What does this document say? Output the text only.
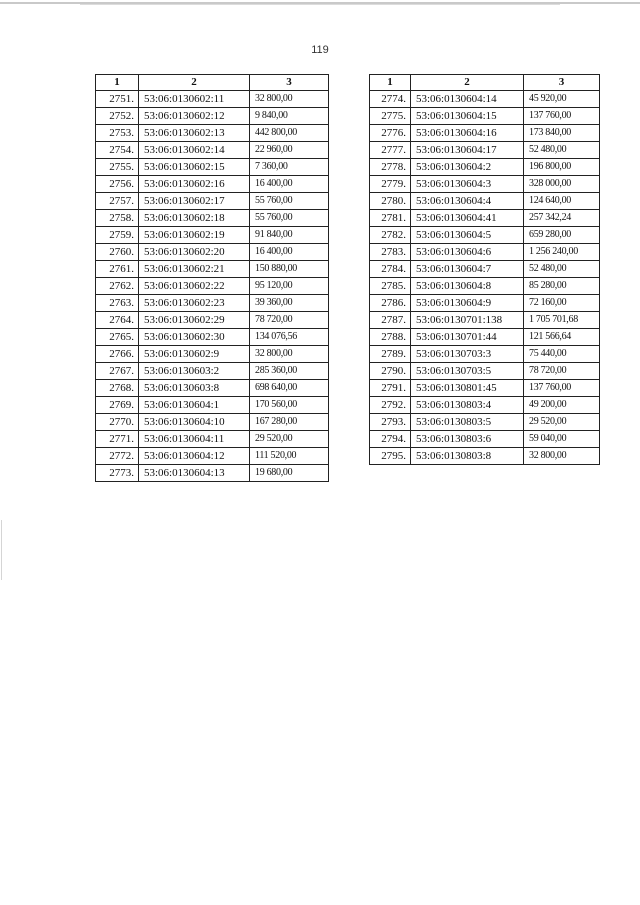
119
1	2	3
2751.	53:06:0130602:11	32 800,00
2752.	53:06:0130602:12	9 840,00
2753.	53:06:0130602:13	442 800,00
2754.	53:06:0130602:14	22 960,00
2755.	53:06:0130602:15	7 360,00
2756.	53:06:0130602:16	16 400,00
2757.	53:06:0130602:17	55 760,00
2758.	53:06:0130602:18	55 760,00
2759.	53:06:0130602:19	91 840,00
2760.	53:06:0130602:20	16 400,00
2761.	53:06:0130602:21	150 880,00
2762.	53:06:0130602:22	95 120,00
2763.	53:06:0130602:23	39 360,00
2764.	53:06:0130602:29	78 720,00
2765.	53:06:0130602:30	134 076,56
2766.	53:06:0130602:9	32 800,00
2767.	53:06:0130603:2	285 360,00
2768.	53:06:0130603:8	698 640,00
2769.	53:06:0130604:1	170 560,00
2770.	53:06:0130604:10	167 280,00
2771.	53:06:0130604:11	29 520,00
2772.	53:06:0130604:12	111 520,00
2773.	53:06:0130604:13	19 680,00
1	2	3
2774.	53:06:0130604:14	45 920,00
2775.	53:06:0130604:15	137 760,00
2776.	53:06:0130604:16	173 840,00
2777.	53:06:0130604:17	52 480,00
2778.	53:06:0130604:2	196 800,00
2779.	53:06:0130604:3	328 000,00
2780.	53:06:0130604:4	124 640,00
2781.	53:06:0130604:41	257 342,24
2782.	53:06:0130604:5	659 280,00
2783.	53:06:0130604:6	1 256 240,00
2784.	53:06:0130604:7	52 480,00
2785.	53:06:0130604:8	85 280,00
2786.	53:06:0130604:9	72 160,00
2787.	53:06:0130701:138	1 705 701,68
2788.	53:06:0130701:44	121 566,64
2789.	53:06:0130703:3	75 440,00
2790.	53:06:0130703:5	78 720,00
2791.	53:06:0130801:45	137 760,00
2792.	53:06:0130803:4	49 200,00
2793.	53:06:0130803:5	29 520,00
2794.	53:06:0130803:6	59 040,00
2795.	53:06:0130803:8	32 800,00
